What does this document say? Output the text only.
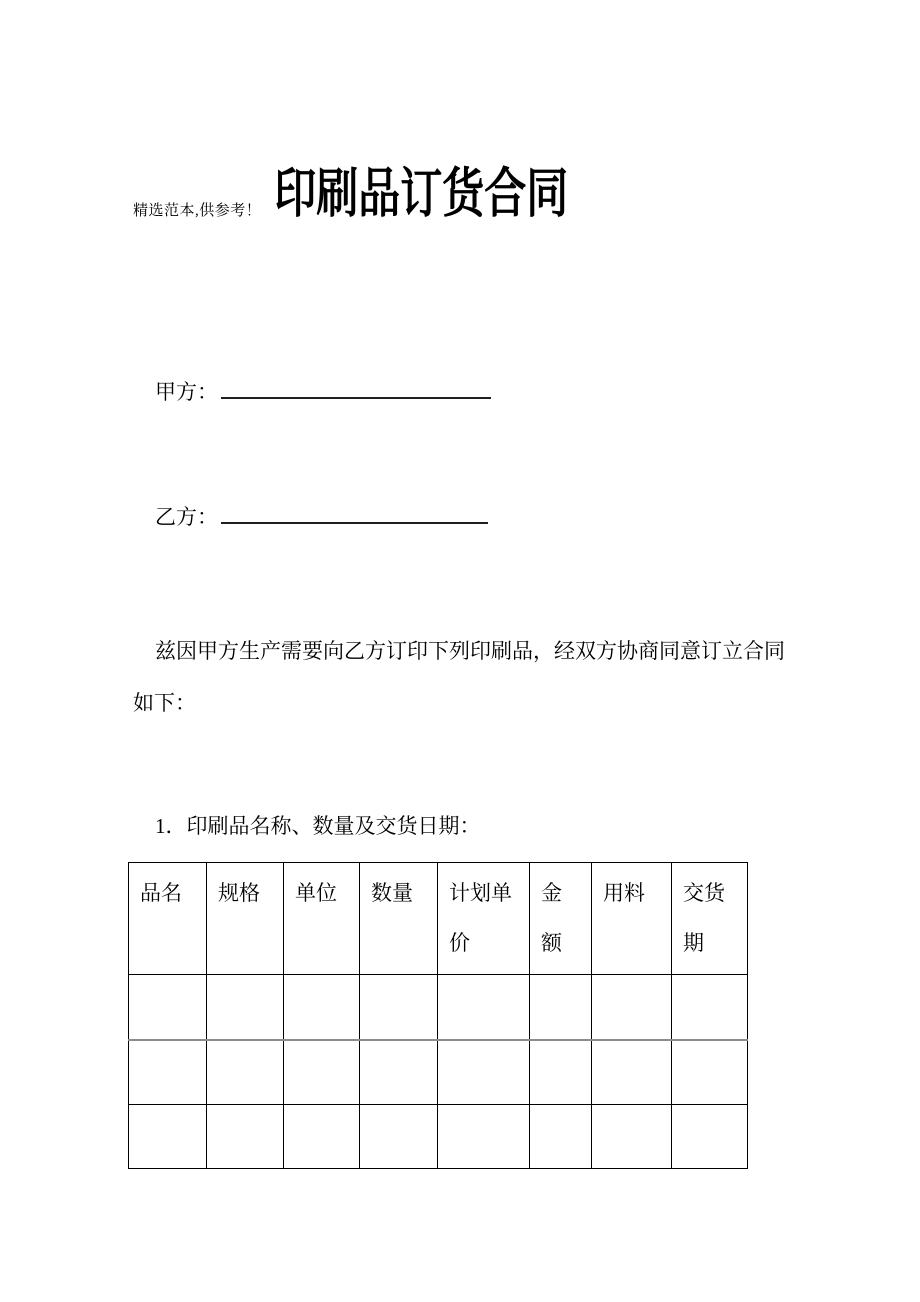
精选范本,供参考！ 印刷品订货合同
甲方：
乙方：
兹因甲方生产需要向乙方订印下列印刷品，经双方协商同意订立合同
如下：
1．印刷品名称、数量及交货日期：
品名	规格	单位	数量	计划单价	金额	用料	交货期
